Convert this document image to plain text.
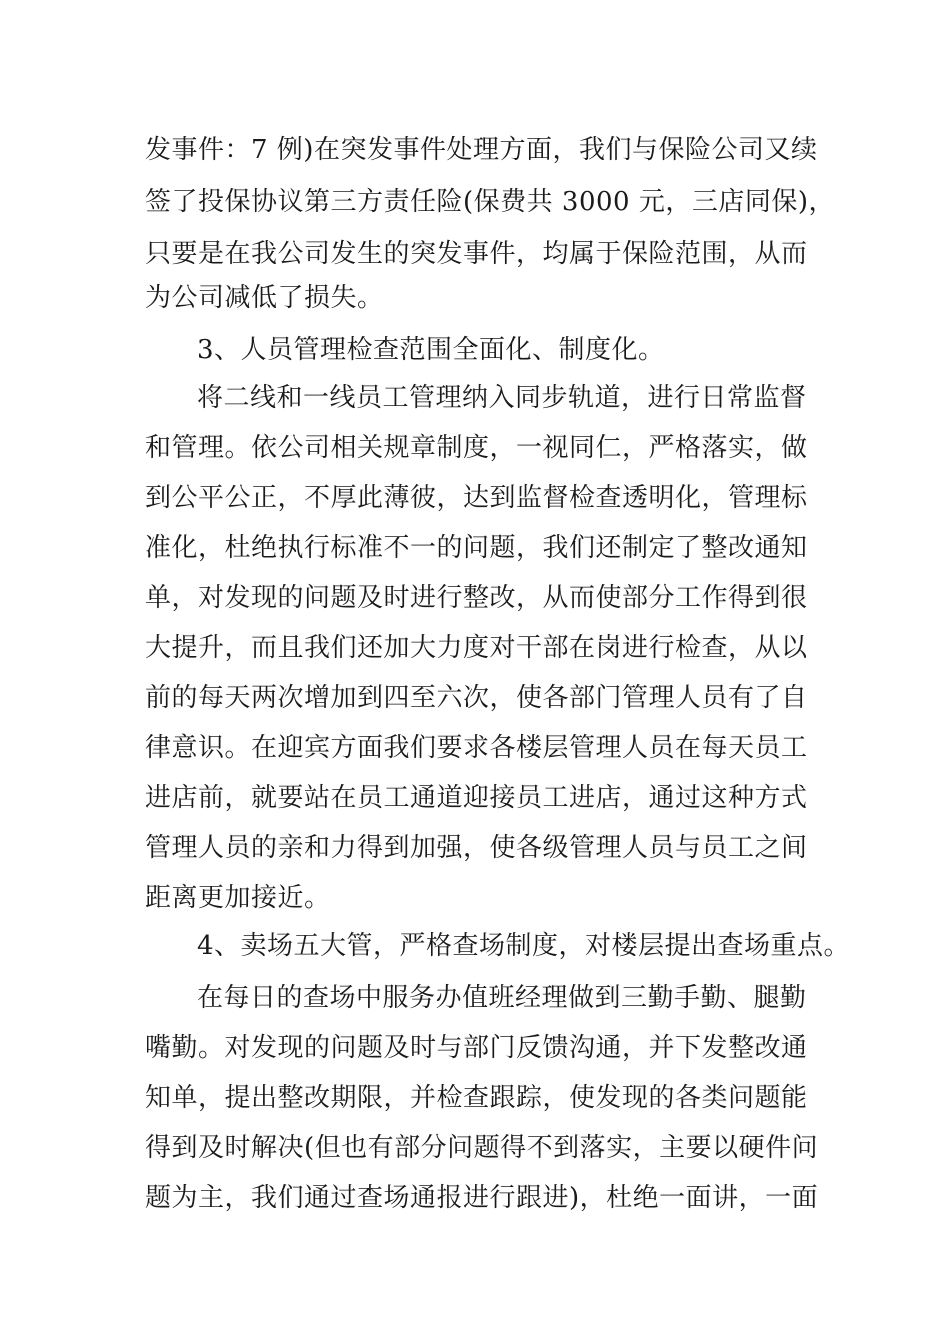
发事件：7 例)在突发事件处理方面，我们与保险公司又续
签了投保协议第三方责任险(保费共 3000 元，三店同保)，
只要是在我公司发生的突发事件，均属于保险范围，从而
为公司减低了损失。
3、人员管理检查范围全面化、制度化。
将二线和一线员工管理纳入同步轨道，进行日常监督
和管理。依公司相关规章制度，一视同仁，严格落实，做
到公平公正，不厚此薄彼，达到监督检查透明化，管理标
准化，杜绝执行标准不一的问题，我们还制定了整改通知
单，对发现的问题及时进行整改，从而使部分工作得到很
大提升，而且我们还加大力度对干部在岗进行检查，从以
前的每天两次增加到四至六次，使各部门管理人员有了自
律意识。在迎宾方面我们要求各楼层管理人员在每天员工
进店前，就要站在员工通道迎接员工进店，通过这种方式
管理人员的亲和力得到加强，使各级管理人员与员工之间
距离更加接近。
4、卖场五大管，严格查场制度，对楼层提出查场重点。
在每日的查场中服务办值班经理做到三勤手勤、腿勤
嘴勤。对发现的问题及时与部门反馈沟通，并下发整改通
知单，提出整改期限，并检查跟踪，使发现的各类问题能
得到及时解决(但也有部分问题得不到落实，主要以硬件问
题为主，我们通过查场通报进行跟进)，杜绝一面讲，一面
